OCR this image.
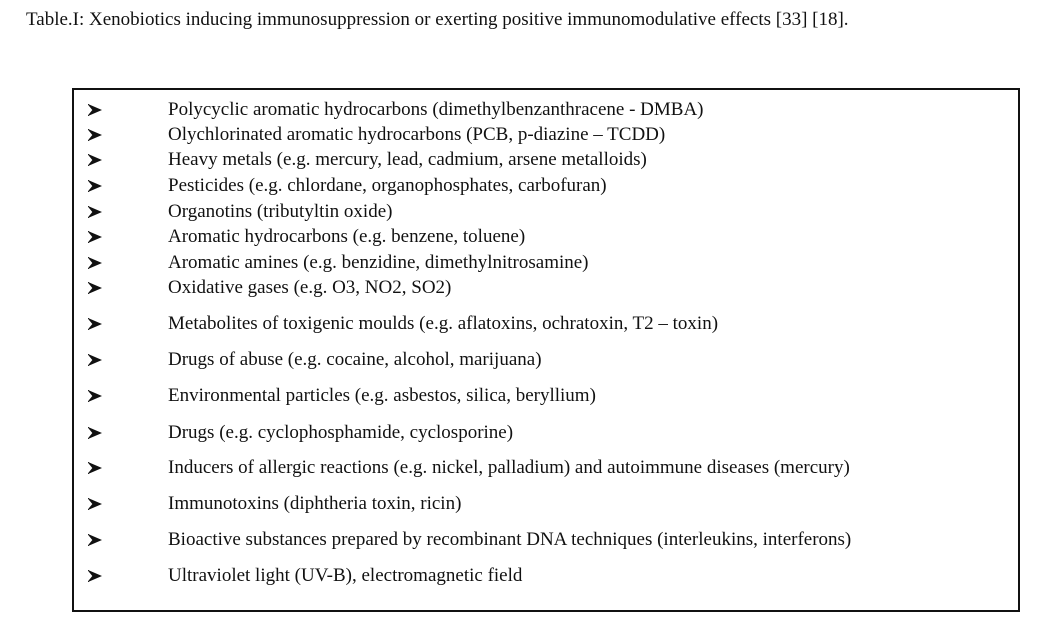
Table.I: Xenobiotics inducing immunosuppression or exerting positive immunomodulative effects [33] [18].
Polycyclic aromatic hydrocarbons (dimethylbenzanthracene - DMBA)
Olychlorinated aromatic hydrocarbons (PCB, p-diazine – TCDD)
Heavy metals (e.g. mercury, lead, cadmium, arsene metalloids)
Pesticides (e.g. chlordane, organophosphates, carbofuran)
Organotins (tributyltin oxide)
Aromatic hydrocarbons (e.g. benzene, toluene)
Aromatic amines (e.g. benzidine, dimethylnitrosamine)
Oxidative gases (e.g. O3, NO2, SO2)
Metabolites of toxigenic moulds (e.g. aflatoxins, ochratoxin, T2 – toxin)
Drugs of abuse (e.g. cocaine, alcohol, marijuana)
Environmental particles (e.g. asbestos, silica, beryllium)
Drugs (e.g. cyclophosphamide, cyclosporine)
Inducers of allergic reactions (e.g. nickel, palladium) and autoimmune diseases (mercury)
Immunotoxins (diphtheria toxin, ricin)
Bioactive substances prepared by recombinant DNA techniques (interleukins, interferons)
Ultraviolet light (UV-B), electromagnetic field
